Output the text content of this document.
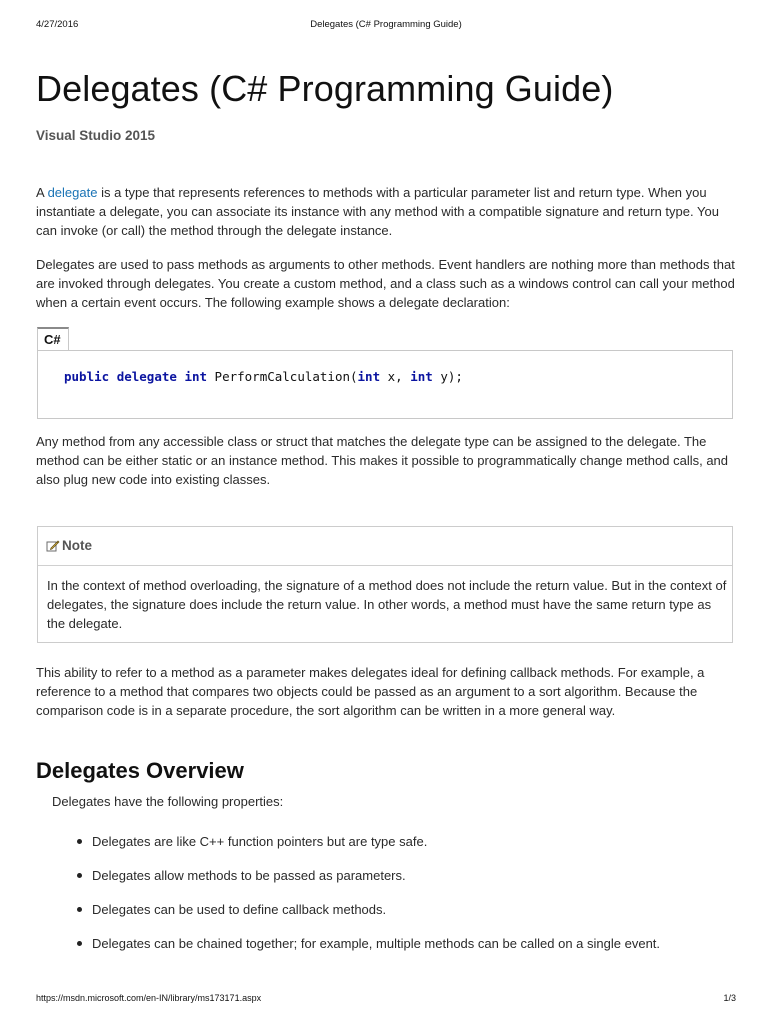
4/27/2016	Delegates (C# Programming Guide)
Delegates (C# Programming Guide)
Visual Studio 2015

A delegate is a type that represents references to methods with a particular parameter list and return type. When you instantiate a delegate, you can associate its instance with any method with a compatible signature and return type. You can invoke (or call) the method through the delegate instance.

Delegates are used to pass methods as arguments to other methods. Event handlers are nothing more than methods that are invoked through delegates. You create a custom method, and a class such as a windows control can call your method when a certain event occurs. The following example shows a delegate declaration:

C#
public delegate int PerformCalculation(int x, int y);

Any method from any accessible class or struct that matches the delegate type can be assigned to the delegate. The method can be either static or an instance method. This makes it possible to programmatically change method calls, and also plug new code into existing classes.

Note

In the context of method overloading, the signature of a method does not include the return value. But in the context of delegates, the signature does include the return value. In other words, a method must have the same return type as the delegate.

This ability to refer to a method as a parameter makes delegates ideal for defining callback methods. For example, a reference to a method that compares two objects could be passed as an argument to a sort algorithm. Because the comparison code is in a separate procedure, the sort algorithm can be written in a more general way.

Delegates Overview

Delegates have the following properties:

Delegates are like C++ function pointers but are type safe.
Delegates allow methods to be passed as parameters.
Delegates can be used to define callback methods.
Delegates can be chained together; for example, multiple methods can be called on a single event.
https://msdn.microsoft.com/en-IN/library/ms173171.aspx	1/3
